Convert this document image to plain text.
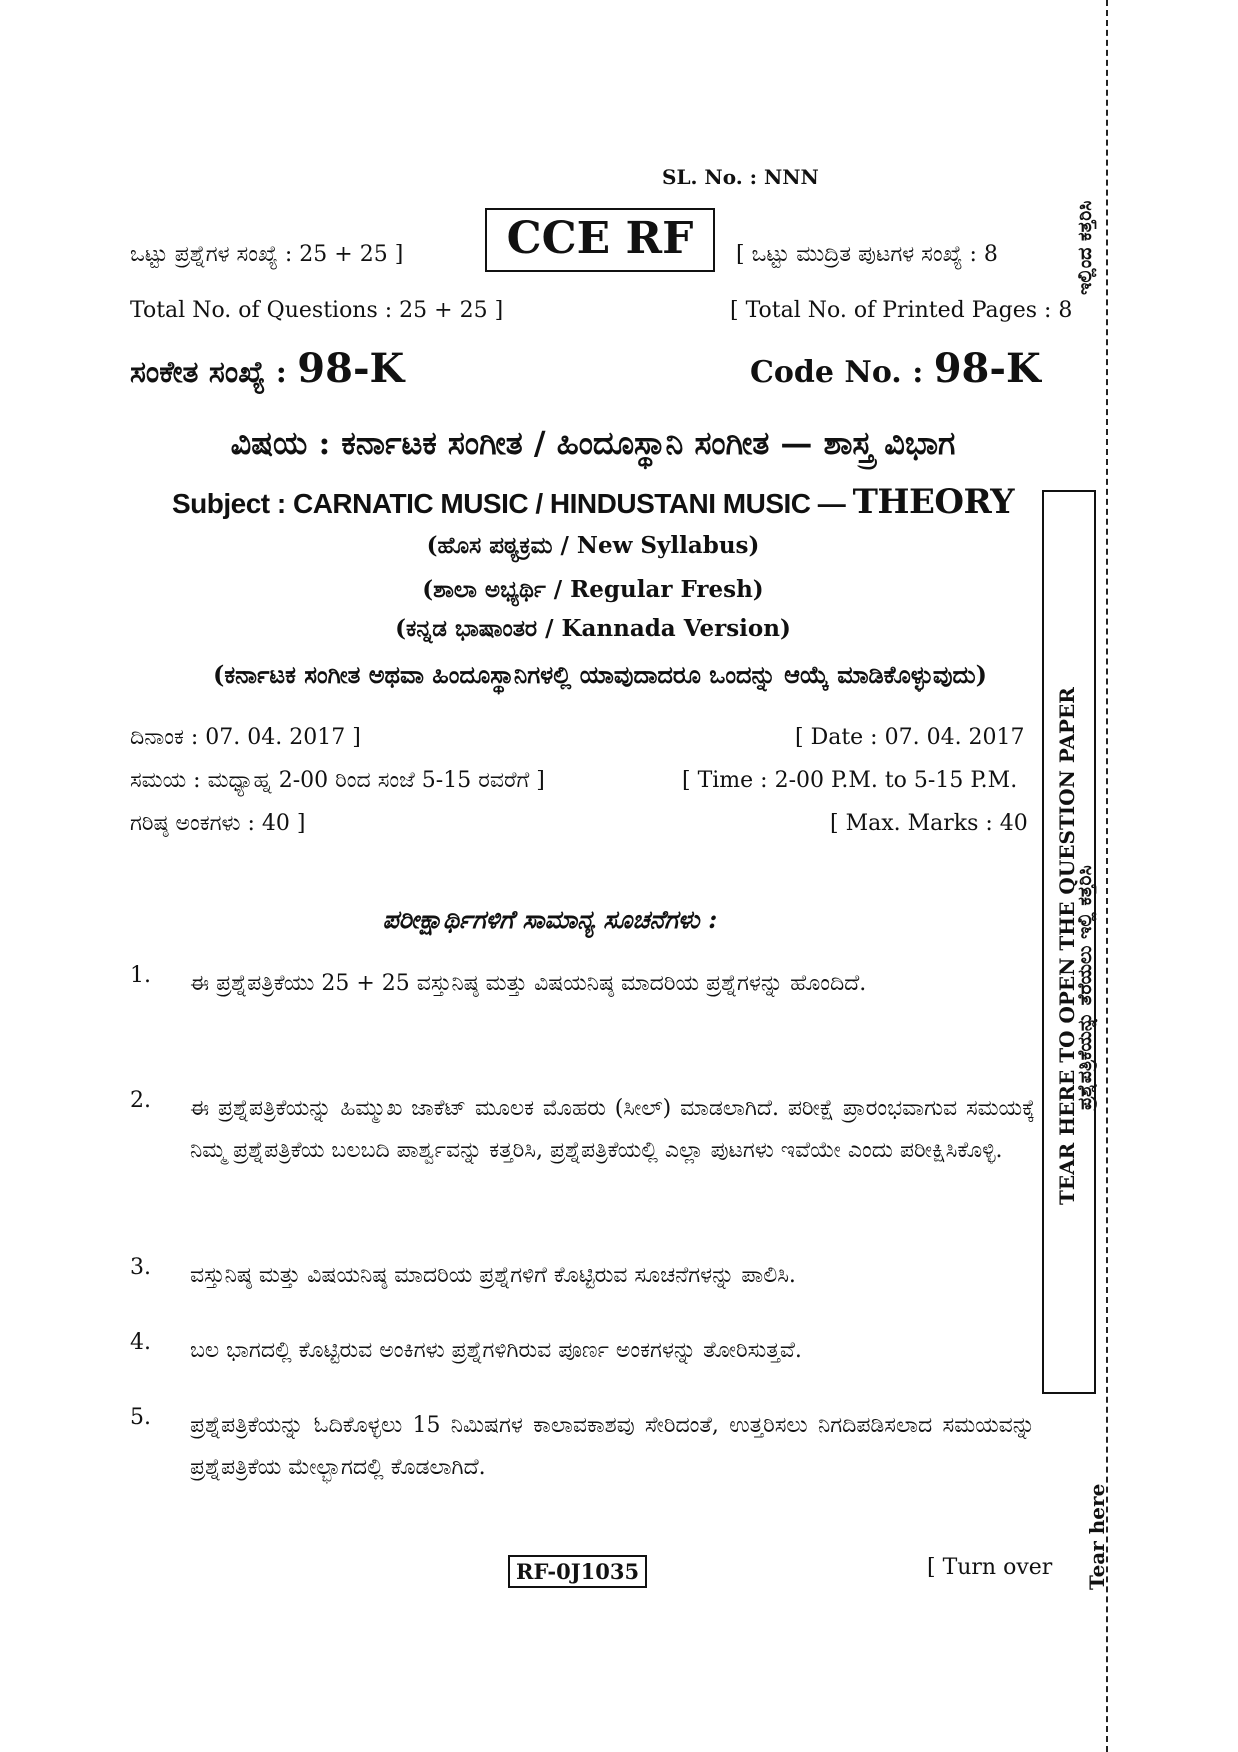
SL. No. : NNN
CCE RF
ಒಟ್ಟು ಪ್ರಶ್ನೆಗಳ ಸಂಖ್ಯೆ : 25 + 25 ]	[ ಒಟ್ಟು ಮುದ್ರಿತ ಪುಟಗಳ ಸಂಖ್ಯೆ : 8
Total No. of Questions : 25 + 25 ]	[ Total No. of Printed Pages : 8
ಸಂಕೇತ ಸಂಖ್ಯೆ : 98-K	Code No. : 98-K
ವಿಷಯ : ಕರ್ನಾಟಕ ಸಂಗೀತ / ಹಿಂದೂಸ್ಥಾನಿ ಸಂಗೀತ — ಶಾಸ್ತ್ರ ವಿಭಾಗ
Subject : CARNATIC MUSIC / HINDUSTANI MUSIC — THEORY
(ಹೊಸ ಪಠ್ಯಕ್ರಮ / New Syllabus)
(ಶಾಲಾ ಅಭ್ಯರ್ಥಿ / Regular Fresh)
(ಕನ್ನಡ ಭಾಷಾಂತರ / Kannada Version)
(ಕರ್ನಾಟಕ ಸಂಗೀತ ಅಥವಾ ಹಿಂದೂಸ್ಥಾನಿಗಳಲ್ಲಿ ಯಾವುದಾದರೂ ಒಂದನ್ನು ಆಯ್ಕೆ ಮಾಡಿಕೊಳ್ಳುವುದು)
ದಿನಾಂಕ : 07. 04. 2017 ]	[ Date : 07. 04. 2017
ಸಮಯ : ಮಧ್ಯಾಹ್ನ 2-00 ರಿಂದ ಸಂಜೆ 5-15 ರವರೆಗೆ ]	[ Time : 2-00 P.M. to 5-15 P.M.
ಗರಿಷ್ಠ ಅಂಕಗಳು : 40 ]	[ Max. Marks : 40
ಪರೀಕ್ಷಾರ್ಥಿಗಳಿಗೆ ಸಾಮಾನ್ಯ ಸೂಚನೆಗಳು :
1. ಈ ಪ್ರಶ್ನೆಪತ್ರಿಕೆಯು 25 + 25 ವಸ್ತುನಿಷ್ಠ ಮತ್ತು ವಿಷಯನಿಷ್ಠ ಮಾದರಿಯ ಪ್ರಶ್ನೆಗಳನ್ನು ಹೊಂದಿದೆ.
2. ಈ ಪ್ರಶ್ನೆಪತ್ರಿಕೆಯನ್ನು ಹಿಮ್ಮುಖ ಜಾಕೆಟ್ ಮೂಲಕ ಮೊಹರು (ಸೀಲ್) ಮಾಡಲಾಗಿದೆ. ಪರೀಕ್ಷೆ ಪ್ರಾರಂಭವಾಗುವ ಸಮಯಕ್ಕೆ ನಿಮ್ಮ ಪ್ರಶ್ನೆಪತ್ರಿಕೆಯ ಬಲಬದಿ ಪಾರ್ಶ್ವವನ್ನು ಕತ್ತರಿಸಿ, ಪ್ರಶ್ನೆಪತ್ರಿಕೆಯಲ್ಲಿ ಎಲ್ಲಾ ಪುಟಗಳು ಇವೆಯೇ ಎಂದು ಪರೀಕ್ಷಿಸಿಕೊಳ್ಳಿ.
3. ವಸ್ತುನಿಷ್ಠ ಮತ್ತು ವಿಷಯನಿಷ್ಠ ಮಾದರಿಯ ಪ್ರಶ್ನೆಗಳಿಗೆ ಕೊಟ್ಟಿರುವ ಸೂಚನೆಗಳನ್ನು ಪಾಲಿಸಿ.
4. ಬಲ ಭಾಗದಲ್ಲಿ ಕೊಟ್ಟಿರುವ ಅಂಕಿಗಳು ಪ್ರಶ್ನೆಗಳಿಗಿರುವ ಪೂರ್ಣ ಅಂಕಗಳನ್ನು ತೋರಿಸುತ್ತವೆ.
5. ಪ್ರಶ್ನೆಪತ್ರಿಕೆಯನ್ನು ಓದಿಕೊಳ್ಳಲು 15 ನಿಮಿಷಗಳ ಕಾಲಾವಕಾಶವು ಸೇರಿದಂತೆ, ಉತ್ತರಿಸಲು ನಿಗದಿಪಡಿಸಲಾದ ಸಮಯವನ್ನು ಪ್ರಶ್ನೆಪತ್ರಿಕೆಯ ಮೇಲ್ಭಾಗದಲ್ಲಿ ಕೊಡಲಾಗಿದೆ.
RF-0J1035	[ Turn over
TEAR HERE TO OPEN THE QUESTION PAPER
ಇಲ್ಲಿಂದ ಕತ್ತರಿಸಿ
ಪ್ರಶ್ನೆಪತ್ರಿಕೆಯನ್ನು ತೆರೆಯಲು ಇಲ್ಲಿ ಕತ್ತರಿಸಿ
Tear here
